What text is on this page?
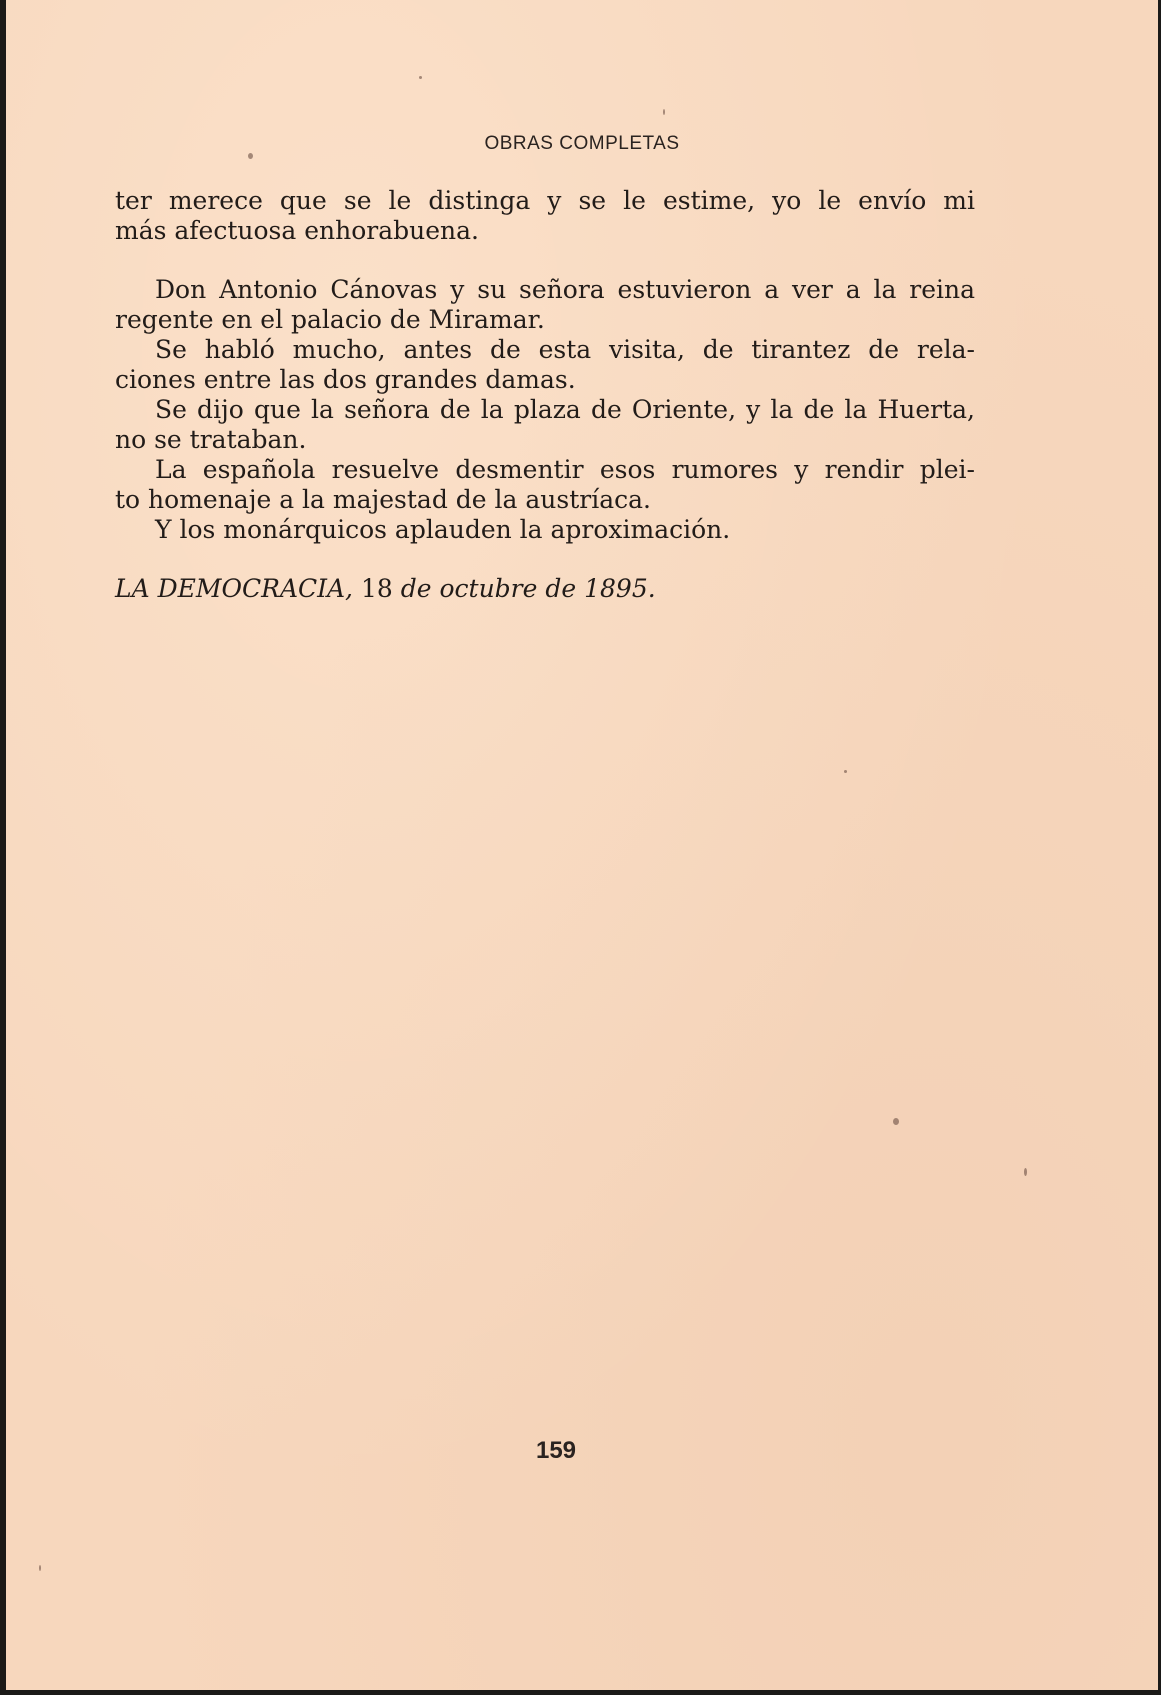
OBRAS COMPLETAS

ter merece que se le distinga y se le estime, yo le envío mi
más afectuosa enhorabuena.

Don Antonio Cánovas y su señora estuvieron a ver a la reina
regente en el palacio de Miramar.

Se habló mucho, antes de esta visita, de tirantez de rela-
ciones entre las dos grandes damas.

Se dijo que la señora de la plaza de Oriente, y la de la Huerta,
no se trataban.

La española resuelve desmentir esos rumores y rendir plei-
to homenaje a la majestad de la austríaca.

Y los monárquicos aplauden la aproximación.

LA DEMOCRACIA, 18 de octubre de 1895.
159
